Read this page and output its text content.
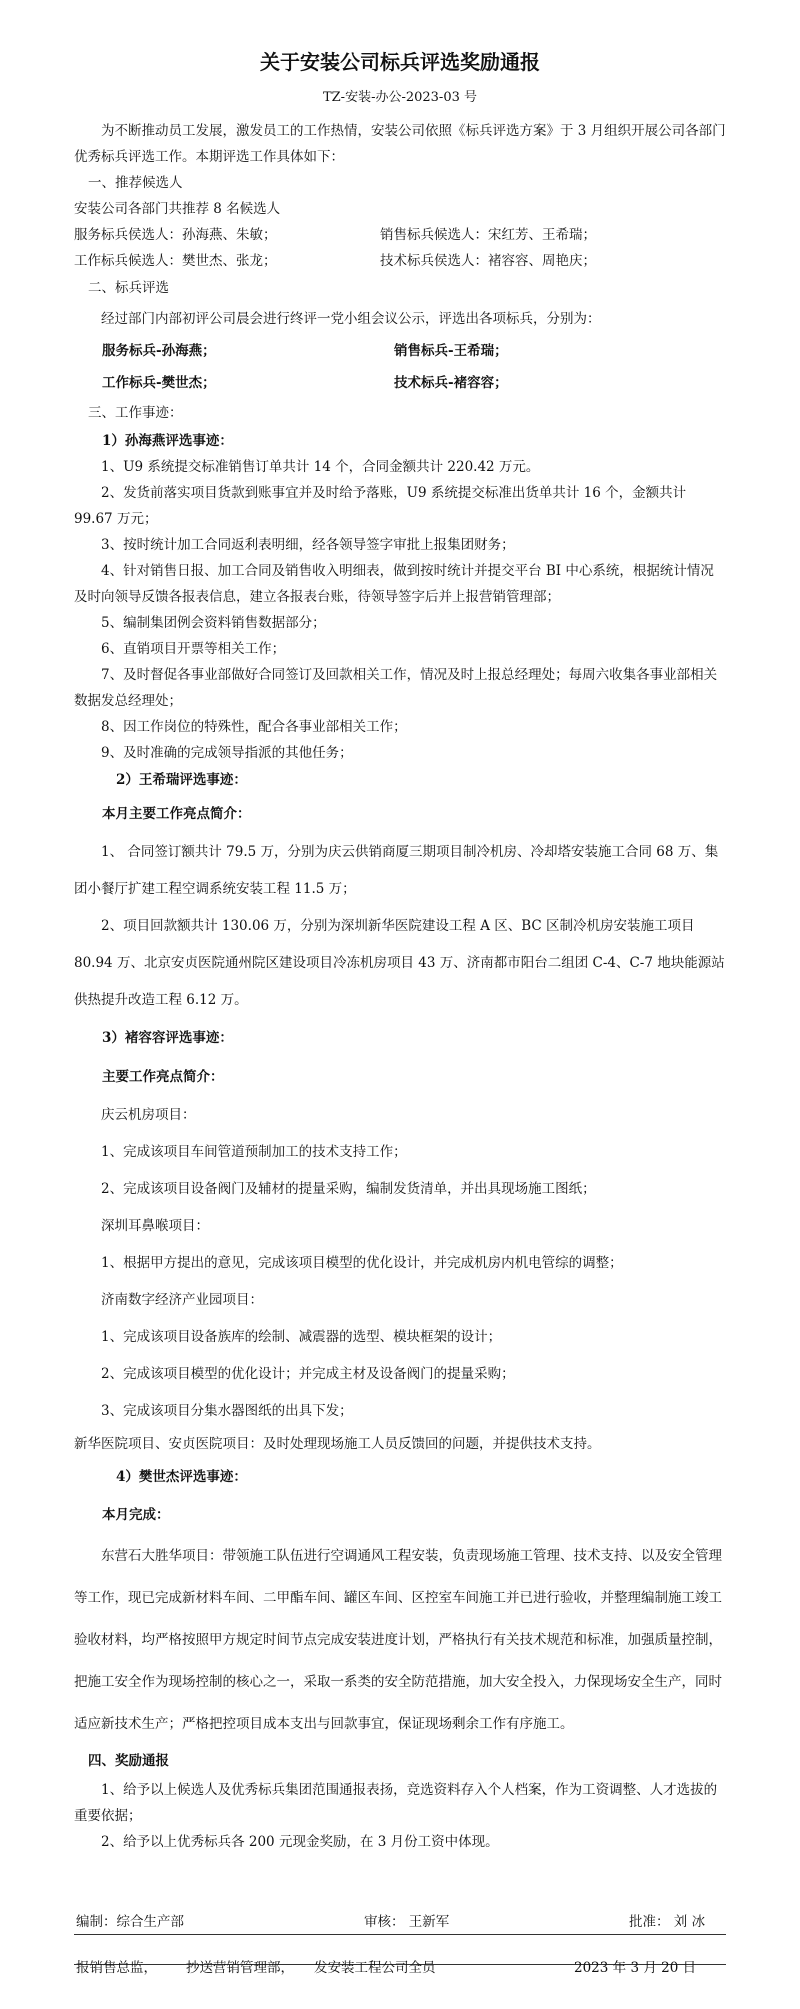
关于安装公司标兵评选奖励通报
TZ-安装-办公-2023-03 号

为不断推动员工发展，激发员工的工作热情，安装公司依照《标兵评选方案》于 3 月组织开展公司各部门优秀标兵评选工作。本期评选工作具体如下：

一、推荐候选人

安装公司各部门共推荐 8 名候选人

服务标兵侯选人：孙海燕、朱敏；	销售标兵候选人：宋红芳、王希瑞；
工作标兵候选人：樊世杰、张龙；	技术标兵侯选人：褚容容、周艳庆；

二、标兵评选

经过部门内部初评公司晨会进行终评一党小组会议公示，评选出各项标兵，分别为：

服务标兵-孙海燕；	销售标兵-王希瑞；
工作标兵-樊世杰；	技术标兵-褚容容；

三、工作事迹：

1）孙海燕评选事迹：

1、U9 系统提交标准销售订单共计 14 个，合同金额共计 220.42 万元。

2、发货前落实项目货款到账事宜并及时给予落账，U9 系统提交标准出货单共计 16 个，金额共计 99.67 万元；

3、按时统计加工合同返利表明细，经各领导签字审批上报集团财务；

4、针对销售日报、加工合同及销售收入明细表，做到按时统计并提交平台 BI 中心系统，根据统计情况及时向领导反馈各报表信息，建立各报表台账，待领导签字后并上报营销管理部；

5、编制集团例会资料销售数据部分；

6、直销项目开票等相关工作；

7、及时督促各事业部做好合同签订及回款相关工作，情况及时上报总经理处；每周六收集各事业部相关数据发总经理处；

8、因工作岗位的特殊性，配合各事业部相关工作；

9、及时准确的完成领导指派的其他任务；

2）王希瑞评选事迹：

本月主要工作亮点简介：

1、 合同签订额共计 79.5 万，分别为庆云供销商厦三期项目制冷机房、冷却塔安装施工合同 68 万、集团小餐厅扩建工程空调系统安装工程 11.5 万；

2、项目回款额共计 130.06 万，分别为深圳新华医院建设工程 A 区、BC 区制冷机房安装施工项目 80.94 万、北京安贞医院通州院区建设项目冷冻机房项目 43 万、济南都市阳台二组团 C-4、C-7 地块能源站供热提升改造工程 6.12 万。

3）褚容容评选事迹：

主要工作亮点简介：

庆云机房项目：

1、完成该项目车间管道预制加工的技术支持工作；

2、完成该项目设备阀门及辅材的提量采购，编制发货清单，并出具现场施工图纸；

深圳耳鼻喉项目：

1、根据甲方提出的意见，完成该项目模型的优化设计，并完成机房内机电管综的调整；

济南数字经济产业园项目：

1、完成该项目设备族库的绘制、减震器的选型、模块框架的设计；

2、完成该项目模型的优化设计；并完成主材及设备阀门的提量采购；

3、完成该项目分集水器图纸的出具下发；

新华医院项目、安贞医院项目：及时处理现场施工人员反馈回的问题，并提供技术支持。

4）樊世杰评选事迹：

本月完成：

东营石大胜华项目：带领施工队伍进行空调通风工程安装，负责现场施工管理、技术支持、以及安全管理等工作，现已完成新材料车间、二甲酯车间、罐区车间、区控室车间施工并已进行验收，并整理编制施工竣工验收材料，均严格按照甲方规定时间节点完成安装进度计划，严格执行有关技术规范和标准，加强质量控制，把施工安全作为现场控制的核心之一，采取一系类的安全防范措施，加大安全投入，力保现场安全生产，同时适应新技术生产；严格把控项目成本支出与回款事宜，保证现场剩余工作有序施工。

四、奖励通报

1、给予以上候选人及优秀标兵集团范围通报表扬，竞选资料存入个人档案，作为工资调整、人才选拔的重要依据；

2、给予以上优秀标兵各 200 元现金奖励，在 3 月份工资中体现。

编制：综合生产部	审核： 王新军	批准： 刘 冰
报销售总监， 抄送营销管理部， 发安装工程公司全员	2023 年 3 月 20 日
